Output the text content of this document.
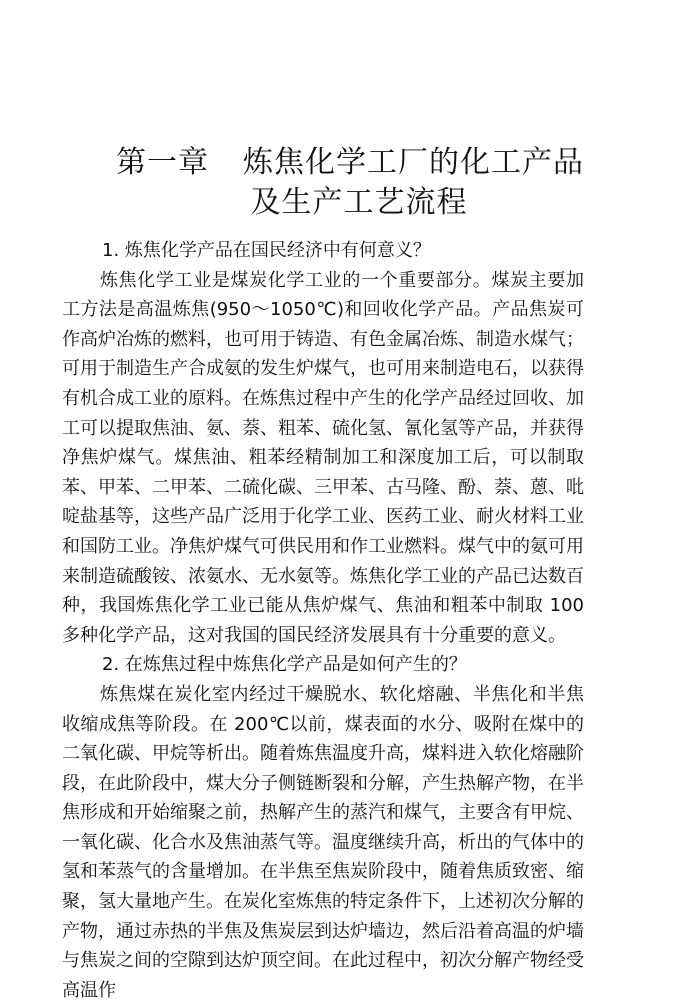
第一章 炼焦化学工厂的化工产品
及生产工艺流程

1. 炼焦化学产品在国民经济中有何意义？

炼焦化学工业是煤炭化学工业的一个重要部分。煤炭主要加工方法是高温炼焦(950～1050℃)和回收化学产品。产品焦炭可作高炉冶炼的燃料，也可用于铸造、有色金属冶炼、制造水煤气；可用于制造生产合成氨的发生炉煤气，也可用来制造电石，以获得有机合成工业的原料。在炼焦过程中产生的化学产品经过回收、加工可以提取焦油、氨、萘、粗苯、硫化氢、氰化氢等产品，并获得净焦炉煤气。煤焦油、粗苯经精制加工和深度加工后，可以制取苯、甲苯、二甲苯、二硫化碳、三甲苯、古马隆、酚、萘、蒽、吡啶盐基等，这些产品广泛用于化学工业、医药工业、耐火材料工业和国防工业。净焦炉煤气可供民用和作工业燃料。煤气中的氨可用来制造硫酸铵、浓氨水、无水氨等。炼焦化学工业的产品已达数百种，我国炼焦化学工业已能从焦炉煤气、焦油和粗苯中制取 100 多种化学产品，这对我国的国民经济发展具有十分重要的意义。

2. 在炼焦过程中炼焦化学产品是如何产生的？

炼焦煤在炭化室内经过干燥脱水、软化熔融、半焦化和半焦收缩成焦等阶段。在 200℃以前，煤表面的水分、吸附在煤中的二氧化碳、甲烷等析出。随着炼焦温度升高，煤料进入软化熔融阶段，在此阶段中，煤大分子侧链断裂和分解，产生热解产物，在半焦形成和开始缩聚之前，热解产生的蒸汽和煤气，主要含有甲烷、一氧化碳、化合水及焦油蒸气等。温度继续升高，析出的气体中的氢和苯蒸气的含量增加。在半焦至焦炭阶段中，随着焦质致密、缩聚，氢大量地产生。在炭化室炼焦的特定条件下，上述初次分解的产物，通过赤热的半焦及焦炭层到达炉墙边，然后沿着高温的炉墙与焦炭之间的空隙到达炉顶空间。在此过程中，初次分解产物经受高温作
